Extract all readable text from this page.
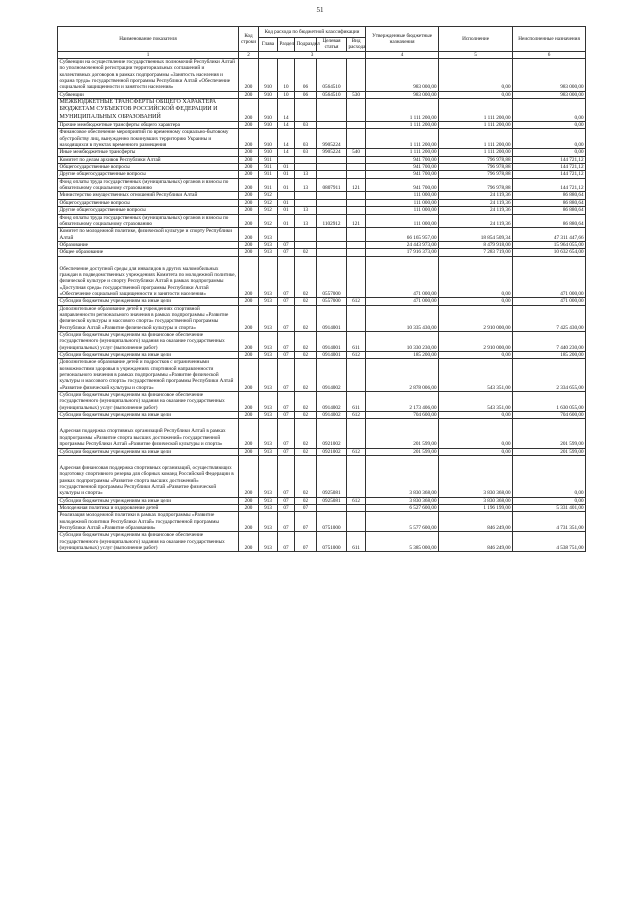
51
Наименование показателя	Код строки	Код расхода по бюджетной классификации					Утвержденные бюджетные назначения	Исполнение	Неисполненные назначения
		Глава	Раздел	Подраздел	Целевая статья	Вид расхода			
1	2	3					4	5	6
Субвенции на осуществление государственных полномочий Республики Алтай по уполномоченной регистрации территориальных соглашений и коллективных договоров в рамках подпрограммы «Занятость населения и охрана труда» государственной программы Республики Алтай «Обеспечение социальной защищенности и занятости населения»	200	910	10	06	0564510		983 000,00	0,00	983 000,00
Субвенции	200	910	10	06	0564510	530	983 000,00	0,00	983 000,00
МЕЖБЮДЖЕТНЫЕ ТРАНСФЕРТЫ ОБЩЕГО ХАРАКТЕРА БЮДЖЕТАМ СУБЪЕКТОВ РОССИЙСКОЙ ФЕДЕРАЦИИ И МУНИЦИПАЛЬНЫХ ОБРАЗОВАНИЙ	200	910	14				1 111 200,00	1 111 200,00	0,00
Прочие межбюджетные трансферты общего характера	200	910	14	03			1 111 200,00	1 111 200,00	0,00
Финансовое обеспечение мероприятий по временному социально-бытовому обустройству лиц, вынужденно покинувших территорию Украины и находящихся в пунктах временного размещения	200	910	14	03	9905224		1 111 200,00	1 111 200,00	0,00
Иные межбюджетные трансферты	200	910	14	03	9905224	540	1 111 200,00	1 111 200,00	0,00
Комитет по делам архивов Республики Алтай	200	911					941 700,00	796 978,88	144 721,12
Общегосударственные вопросы	200	911	01				941 700,00	796 978,88	144 721,12
Другие общегосударственные вопросы	200	911	01	13			941 700,00	796 978,88	144 721,12
Фонд оплаты труда государственных (муниципальных) органов и взносы по обязательному социальному страхованию	200	911	01	13	0807911	121	941 700,00	796 978,88	144 721,12
Министерство имущественных отношений Республики Алтай	200	912					111 000,00	24 119,36	86 880,64
Общегосударственные вопросы	200	912	01				111 000,00	24 119,36	86 880,64
Другие общегосударственные вопросы	200	912	01	13			111 000,00	24 119,36	86 880,64
Фонд оплаты труда государственных (муниципальных) органов и взносы по обязательному социальному страхованию	200	912	01	13	1102912	121	111 000,00	24 119,36	86 880,64
Комитет по молодежной политике, физической культуре и спорту Республики Алтай	200	913					66 165 957,00	18 854 509,34	47 311 447,66
Образование	200	913	07				24 443 973,00	8 479 918,00	15 964 055,00
Общее образование	200	913	07	02			17 916 373,00	7 283 719,00	10 632 654,00
Обеспечение доступной среды для инвалидов в других маломобильных граждан в подведомственных учреждениях Комитета по молодежной политике, физической культуре и спорту Республики Алтай в рамках подпрограммы «Доступная среда» государственной программы Республики Алтай «Обеспечение социальной защищенности и занятости населения»	200	913	07	02	0557000		471 000,00	0,00	471 000,00
Субсидии бюджетным учреждениям на иные цели	200	913	07	02	0557000	612	471 000,00	0,00	471 000,00
Дополнительное образование детей в учреждениях спортивной направленности регионального значения в рамках подпрограммы «Развитие физической культуры и массового спорта» государственной программы Республики Алтай «Развитие физической культуры и спорта»	200	913	07	02	0914001		10 335 430,00	2 910 000,00	7 425 430,00
Субсидии бюджетным учреждениям на финансовое обеспечение государственного (муниципального) задания на оказание государственных (муниципальных) услуг (выполнение работ)	200	913	07	02	0914001	611	10 330 230,00	2 910 000,00	7 440 230,00
Субсидии бюджетным учреждениям на иные цели	200	913	07	02	0914001	612	185 200,00	0,00	185 200,00
Дополнительное образование детей и подростков с ограниченными возможностями здоровья в учреждениях спортивной направленности регионального значения в рамках подпрограммы «Развитие физической культуры и массового спорта» государственной программы Республики Алтай «Развитие физической культуры и спорта»	200	913	07	02	0914002		2 878 006,00	543 351,00	2 334 655,00
Субсидии бюджетным учреждениям на финансовое обеспечение государственного (муниципального) задания на оказание государственных (муниципальных) услуг (выполнение работ)	200	913	07	02	0914002	611	2 173 406,00	543 351,00	1 630 055,00
Субсидии бюджетным учреждениям на иные цели	200	913	07	02	0914002	612	704 600,00	0,00	704 600,00
Адресная поддержка спортивных организаций Республики Алтай в рамках подпрограммы «Развитие спорта высших достижений» государственной программы Республики Алтай «Развитие физической культуры и спорта»	200	913	07	02	0921002		201 599,00	0,00	201 599,00
Субсидии бюджетным учреждениям на иные цели	200	913	07	02	0921002	612	201 599,00	0,00	201 599,00
Адресная финансовая поддержка спортивных организаций, осуществляющих подготовку спортивного резерва для сборных команд Российской Федерации в рамках подпрограммы «Развитие спорта высших достижений» государственной программы Республики Алтай «Развитие физической культуры и спорта»	200	913	07	02	0925081		3 830 368,00	3 830 368,00	0,00
Субсидии бюджетным учреждениям на иные цели	200	913	07	02	0925081	612	3 830 368,00	3 830 368,00	0,00
Молодежная политика и оздоровление детей	200	913	07	07			6 527 600,00	1 196 199,00	5 331 401,00
Реализация молодежной политики в рамках подпрограммы «Развитие молодежной политики Республики Алтай» государственной программы Республики Алтай «Развитие образования»	200	913	07	07	0751000		5 577 600,00	846 249,00	4 731 351,00
Субсидии бюджетным учреждениям на финансовое обеспечение государственного (муниципального) задания на оказание государственных (муниципальных) услуг (выполнение работ)	200	913	07	07	0751000	611	5 385 000,00	846 249,00	4 538 751,00
